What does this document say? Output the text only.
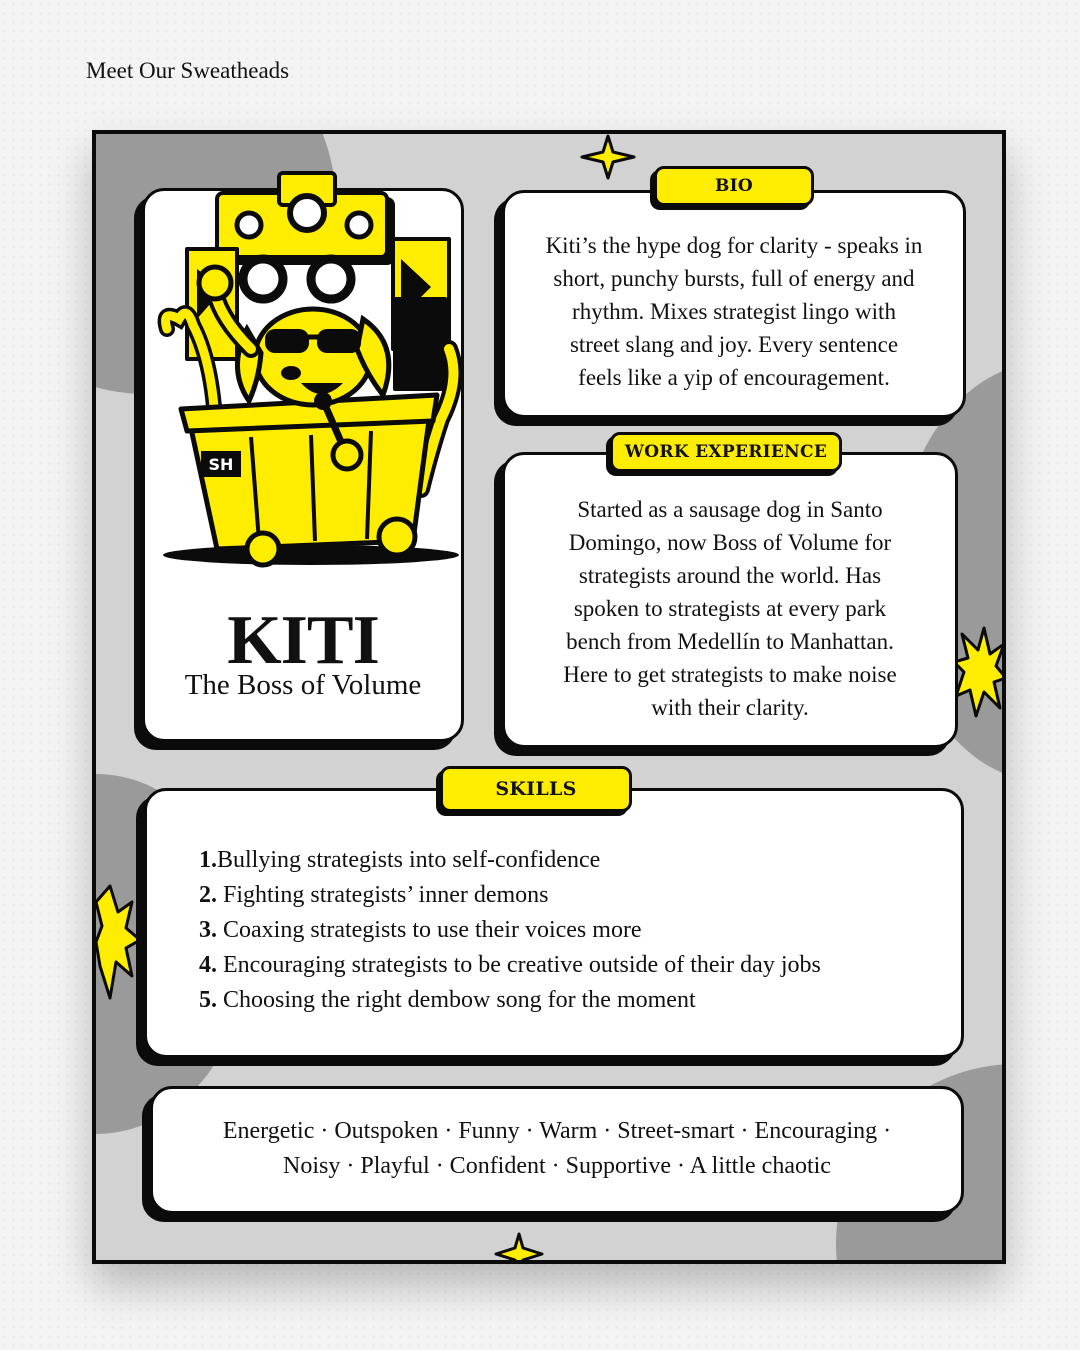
Meet Our Sweatheads
SH
KITI
The Boss of Volume
Kiti’s the hype dog for clarity - speaks in
short, punchy bursts, full of energy and
rhythm. Mixes strategist lingo with
street slang and joy. Every sentence
feels like a yip of encouragement.
BIO
Started as a sausage dog in Santo
Domingo, now Boss of Volume for
strategists around the world. Has
spoken to strategists at every park
bench from Medellín to Manhattan.
Here to get strategists to make noise
with their clarity.
WORK EXPERIENCE
1.Bullying strategists into self-confidence
2. Fighting strategists’ inner demons
3. Coaxing strategists to use their voices more
4. Encouraging strategists to be creative outside of their day jobs
5. Choosing the right dembow song for the moment
SKILLS
Energetic · Outspoken · Funny · Warm · Street-smart · Encouraging ·
Noisy · Playful · Confident · Supportive · A little chaotic
